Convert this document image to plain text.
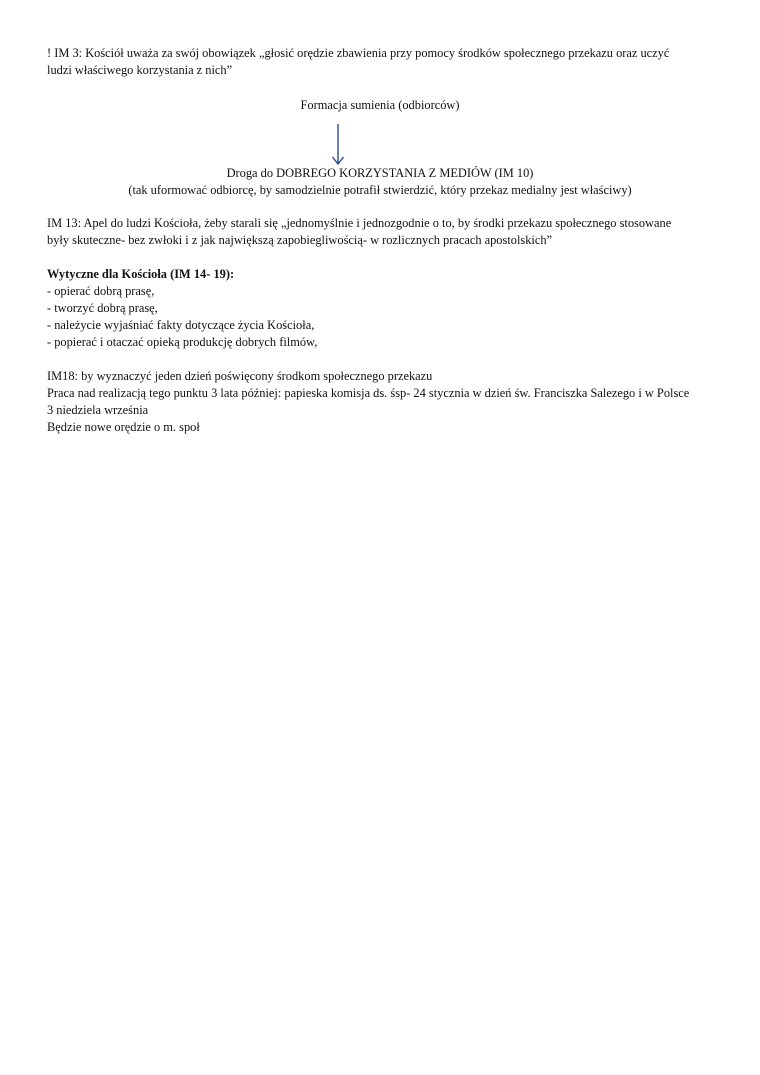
! IM 3: Kościół uważa za swój obowiązek „głosić orędzie zbawienia przy pomocy środków społecznego przekazu oraz uczyć
ludzi właściwego korzystania z nich”
Formacja sumienia (odbiorców)
Droga do DOBREGO KORZYSTANIA Z MEDIÓW (IM 10)
(tak uformować odbiorcę, by samodzielnie potrafił stwierdzić, który przekaz medialny jest właściwy)
IM 13: Apel do ludzi Kościoła, żeby starali się „jednomyślnie i jednozgodnie o to, by środki przekazu społecznego stosowane
były skuteczne- bez zwłoki i z jak największą zapobiegliwością- w rozlicznych pracach apostolskich”
Wytyczne dla Kościoła (IM 14- 19):
- opierać dobrą prasę,
- tworzyć dobrą prasę,
- należycie wyjaśniać fakty dotyczące życia Kościoła,
- popierać i otaczać opieką produkcję dobrych filmów,
IM18: by wyznaczyć jeden dzień poświęcony środkom społecznego przekazu
Praca nad realizacją tego punktu 3 lata później: papieska komisja ds. śsp- 24 stycznia w dzień św. Franciszka Salezego i w Polsce
3 niedziela września
Będzie nowe orędzie o m. społ
